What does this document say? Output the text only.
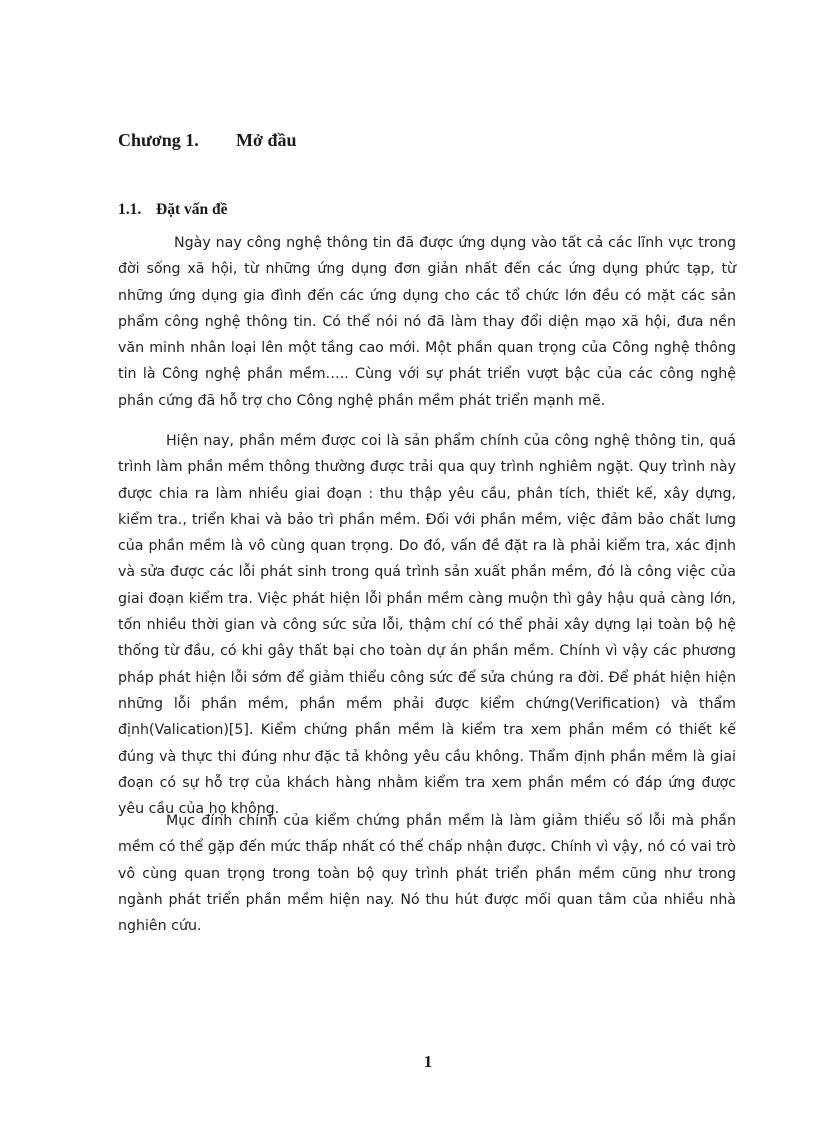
Chương 1. Mở đầu
1.1. Đặt vấn đề

Ngày nay công nghệ thông tin đã được ứng dụng vào tất cả các lĩnh vực trong đời sống xã hội, từ những ứng dụng đơn giản nhất đến các ứng dụng phức tạp, từ những ứng dụng gia đình đến các ứng dụng cho các tổ chức lớn đều có mặt các sản phẩm công nghệ thông tin. Có thể nói nó đã làm thay đổi diện mạo xã hội, đưa nền văn minh nhân loại lên một tầng cao mới. Một phần quan trọng của Công nghệ thông tin là Công nghệ phần mềm….. Cùng với sự phát triển vượt bậc của các công nghệ phần cứng đã hỗ trợ cho Công nghệ phần mềm phát triển mạnh mẽ.

Hiện nay, phần mềm được coi là sản phẩm chính của công nghệ thông tin, quá trình làm phần mềm thông thường được trải qua quy trình nghiêm ngặt. Quy trình này được chia ra làm nhiều giai đoạn : thu thập yêu cầu, phân tích, thiết kế, xây dựng, kiểm tra., triển khai và bảo trì phần mềm. Đối với phần mềm, việc đảm bảo chất lưng của phần mềm là vô cùng quan trọng. Do đó, vấn đề đặt ra là phải kiểm tra, xác định và sửa được các lỗi phát sinh trong quá trình sản xuất phần mềm, đó là công việc của giai đoạn kiểm tra. Việc phát hiện lỗi phần mềm càng muộn thì gây hậu quả càng lớn, tốn nhiều thời gian và công sức sửa lỗi, thậm chí có thể phải xây dựng lại toàn bộ hệ thống từ đầu, có khi gây thất bại cho toàn dự án phần mềm. Chính vì vậy các phương pháp phát hiện lỗi sớm để giảm thiểu công sức để sửa chúng ra đời. Để phát hiện hiện những lỗi phần mềm, phần mềm phải được kiểm chứng(Verification) và thẩm định(Valication)[5]. Kiểm chứng phần mềm là kiểm tra xem phần mềm có thiết kế đúng và thực thi đúng như đặc tả không yêu cầu không. Thẩm định phần mềm là giai đoạn có sự hỗ trợ của khách hàng nhằm kiểm tra xem phần mềm có đáp ứng được yêu cầu của họ không.

Mục đính chính của kiểm chứng phần mềm là làm giảm thiểu số lỗi mà phần mềm có thể gặp đến mức thấp nhất có thể chấp nhận được. Chính vì vậy, nó có vai trò vô cùng quan trọng trong toàn bộ quy trình phát triển phần mềm cũng như trong ngành phát triển phần mềm hiện nay. Nó thu hút được mối quan tâm của nhiều nhà nghiên cứu.

1
